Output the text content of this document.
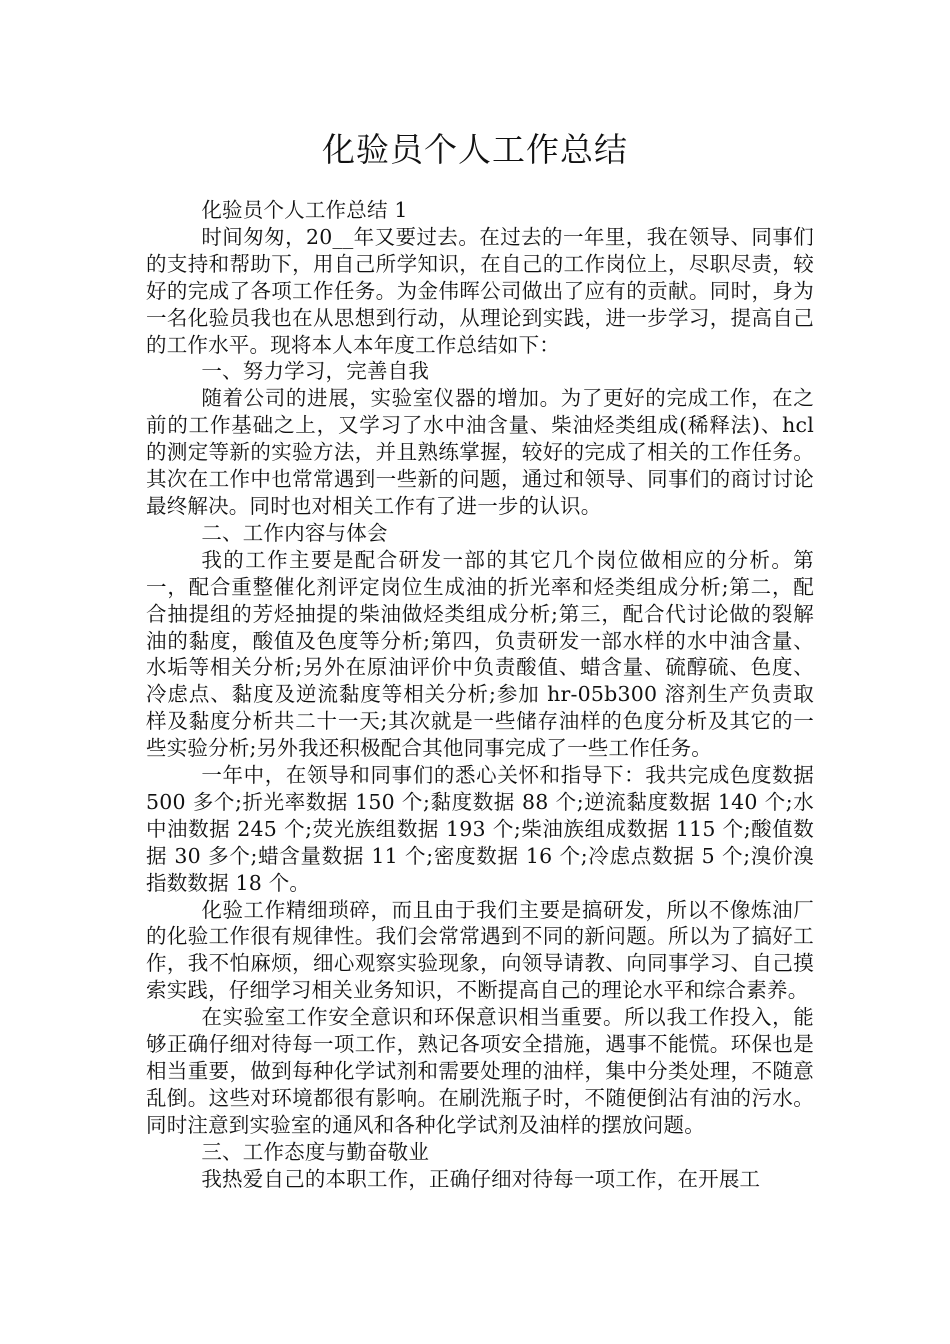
化验员个人工作总结

化验员个人工作总结 1

时间匆匆，20__年又要过去。在过去的一年里，我在领导、同事们的支持和帮助下，用自己所学知识，在自己的工作岗位上，尽职尽责，较好的完成了各项工作任务。为金伟晖公司做出了应有的贡献。同时，身为一名化验员我也在从思想到行动，从理论到实践，进一步学习，提高自己的工作水平。现将本人本年度工作总结如下：

一、努力学习，完善自我

随着公司的进展，实验室仪器的增加。为了更好的完成工作，在之前的工作基础之上，又学习了水中油含量、柴油烃类组成(稀释法)、hcl 的测定等新的实验方法，并且熟练掌握，较好的完成了相关的工作任务。其次在工作中也常常遇到一些新的问题，通过和领导、同事们的商讨讨论最终解决。同时也对相关工作有了进一步的认识。

二、工作内容与体会

我的工作主要是配合研发一部的其它几个岗位做相应的分析。第一，配合重整催化剂评定岗位生成油的折光率和烃类组成分析;第二，配合抽提组的芳烃抽提的柴油做烃类组成分析;第三，配合代讨论做的裂解油的黏度，酸值及色度等分析;第四，负责研发一部水样的水中油含量、水垢等相关分析;另外在原油评价中负责酸值、蜡含量、硫醇硫、色度、冷虑点、黏度及逆流黏度等相关分析;参加 hr-05b300 溶剂生产负责取样及黏度分析共二十一天;其次就是一些储存油样的色度分析及其它的一些实验分析;另外我还积极配合其他同事完成了一些工作任务。

一年中，在领导和同事们的悉心关怀和指导下：我共完成色度数据 500 多个;折光率数据 150 个;黏度数据 88 个;逆流黏度数据 140 个;水中油数据 245 个;荧光族组数据 193 个;柴油族组成数据 115 个;酸值数据 30 多个;蜡含量数据 11 个;密度数据 16 个;冷虑点数据 5 个;溴价溴指数数据 18 个。

化验工作精细琐碎，而且由于我们主要是搞研发，所以不像炼油厂的化验工作很有规律性。我们会常常遇到不同的新问题。所以为了搞好工作，我不怕麻烦，细心观察实验现象，向领导请教、向同事学习、自己摸索实践，仔细学习相关业务知识，不断提高自己的理论水平和综合素养。

在实验室工作安全意识和环保意识相当重要。所以我工作投入，能够正确仔细对待每一项工作，熟记各项安全措施，遇事不能慌。环保也是相当重要，做到每种化学试剂和需要处理的油样，集中分类处理，不随意乱倒。这些对环境都很有影响。在刷洗瓶子时，不随便倒沾有油的污水。同时注意到实验室的通风和各种化学试剂及油样的摆放问题。

三、工作态度与勤奋敬业

我热爱自己的本职工作，正确仔细对待每一项工作，在开展工
